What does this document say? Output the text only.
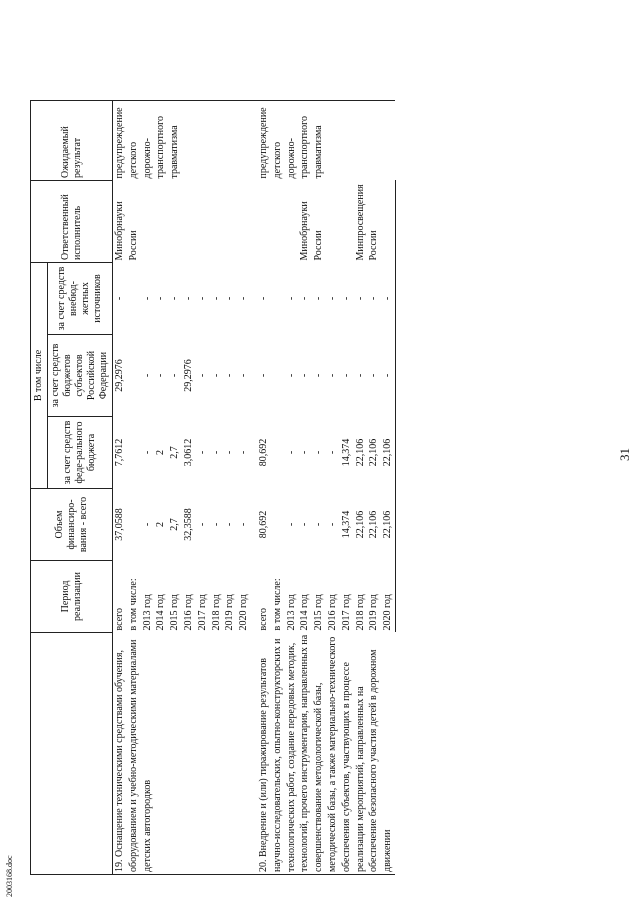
31
2003168.doc
	Период реализации	Объем финансиро-вания - всего	В том числе			Ответственный исполнитель	Ожидаемый результат
			за счет средств феде-рального бюджета	за счет средств бюджетов субъектов Российской Федерации	за счет средств внебюд-жетных источников		
19. Оснащение техническими средствами обучения, оборудованием и учебно-методическими материалами детских автогородков	всего	37,0588	7,7612	29,2976	-	Минобрнауки	предупреждение детского дорожно-транспортного травматизма
	в том числе:					России	
	2013 год	-	-	-	-		
	2014 год	2	2	-	-		
	2015 год	2,7	2,7	-	-		
	2016 год	32,3588	3,0612	29,2976	-		
	2017 год	-	-	-	-		
	2018 год	-	-	-	-		
	2019 год	-	-	-	-		
	2020 год	-	-	-	-		

20. Внедрение и (или) тиражирование результатов научно-исследовательских, опытно-конструкторских и технологических работ, создание передовых методик, технологий, прочего инструментария, направленных на совершенствование методологической базы, методической базы, а также материально-технического обеспечения субъектов, участвующих в процессе реализации мероприятий, направленных на обеспечение безопасного участия детей в дорожном движении	всего	80,692	80,692	-	-		предупреждение детского дорожно-транспортного травматизма
	в том числе:						
	2013 год	-	-	-	-		
	2014 год	-	-	-	-	Минобрнауки	
	2015 год	-	-	-	-	России	
	2016 год	-	-	-	-		
	2017 год	14,374	14,374	-	-		
	2018 год	22,106	22,106	-	-	Минпросвещения	
	2019 год	22,106	22,106	-	-	России	
	2020 год	22,106	22,106	-	-		
